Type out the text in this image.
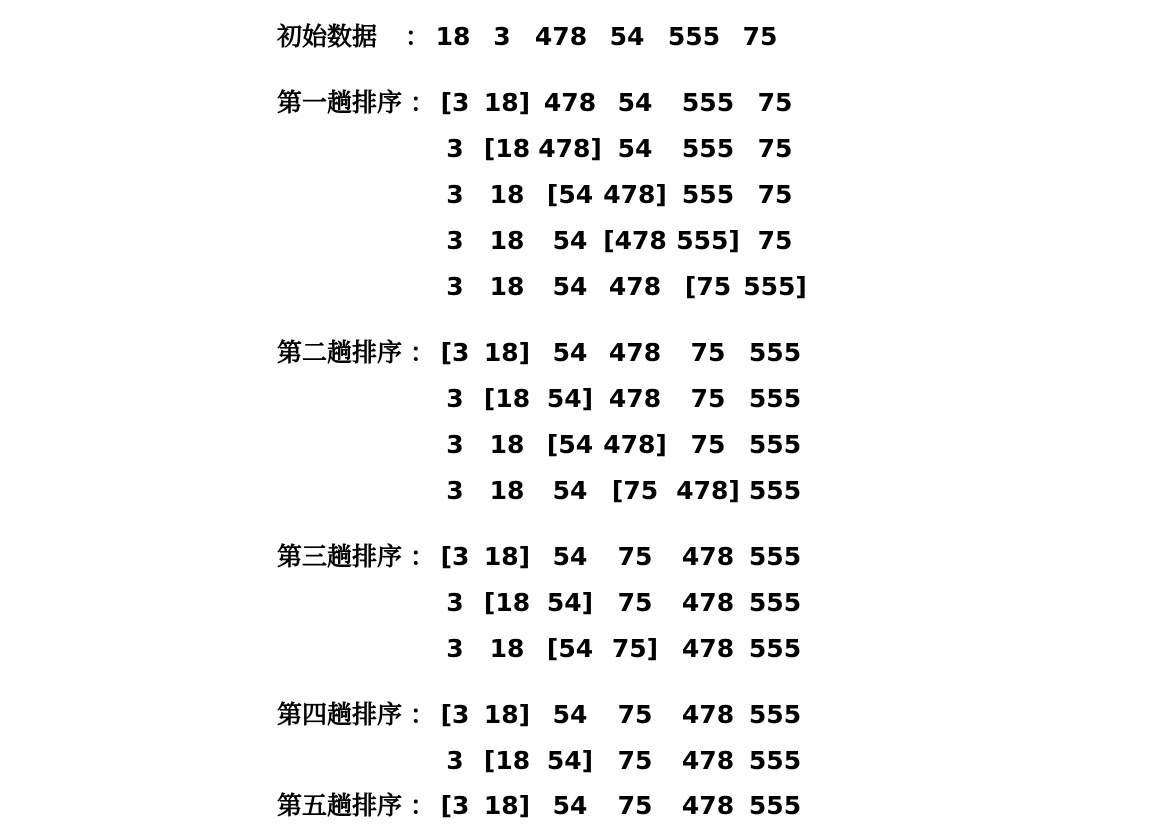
初始数据 ： 18 3 478 54 555 75
第一趟排序 ： [3 18] 478 54 555 75
3 [18 478] 54 555 75
3 18 [54 478] 555 75
3 18 54 [478 555] 75
3 18 54 478 [75 555]
第二趟排序 ： [3 18] 54 478 75 555
3 [18 54] 478 75 555
3 18 [54 478] 75 555
3 18 54 [75 478] 555
第三趟排序 ： [3 18] 54 75 478 555
3 [18 54] 75 478 555
3 18 [54 75] 478 555
第四趟排序 ： [3 18] 54 75 478 555
3 [18 54] 75 478 555
第五趟排序 ： [3 18] 54 75 478 555
